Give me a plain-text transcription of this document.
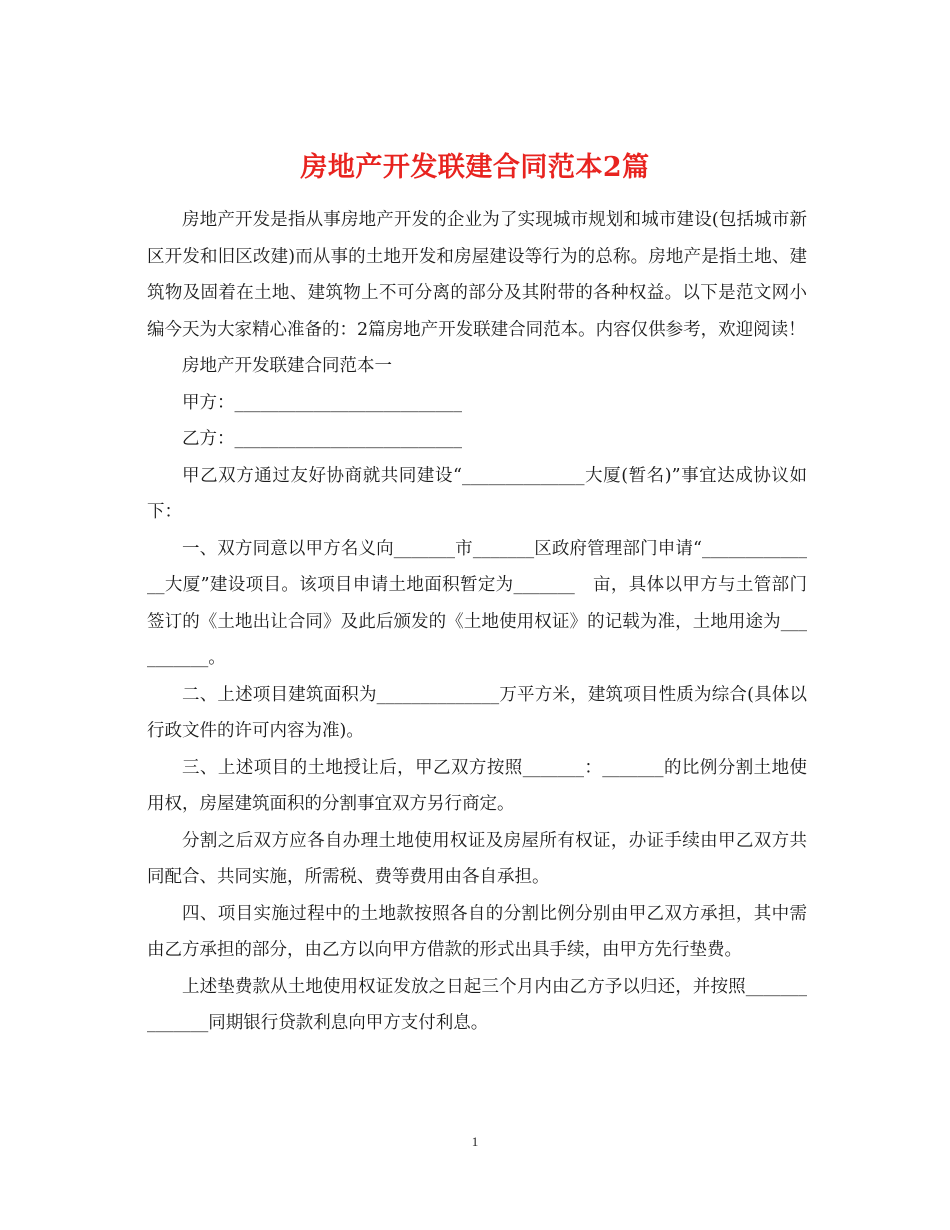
房地产开发联建合同范本2篇

房地产开发是指从事房地产开发的企业为了实现城市规划和城市建设(包括城市新区开发和旧区改建)而从事的土地开发和房屋建设等行为的总称。房地产是指土地、建筑物及固着在土地、建筑物上不可分离的部分及其附带的各种权益。以下是范文网小编今天为大家精心准备的：2篇房地产开发联建合同范本。内容仅供参考，欢迎阅读！

房地产开发联建合同范本一

甲方：__________________________

乙方：__________________________

甲乙双方通过友好协商就共同建设“______________大厦(暂名)”事宜达成协议如下：

一、双方同意以甲方名义向_______市_______区政府管理部门申请“______________大厦”建设项目。该项目申请土地面积暂定为_______　亩，具体以甲方与土管部门签订的《土地出让合同》及此后颁发的《土地使用权证》的记载为准，土地用途为__________。

二、上述项目建筑面积为______________万平方米，建筑项目性质为综合(具体以行政文件的许可内容为准)。

三、上述项目的土地授让后，甲乙双方按照_______：_______的比例分割土地使用权，房屋建筑面积的分割事宜双方另行商定。

分割之后双方应各自办理土地使用权证及房屋所有权证，办证手续由甲乙双方共同配合、共同实施，所需税、费等费用由各自承担。

四、项目实施过程中的土地款按照各自的分割比例分别由甲乙双方承担，其中需由乙方承担的部分，由乙方以向甲方借款的形式出具手续，由甲方先行垫费。

上述垫费款从土地使用权证发放之日起三个月内由乙方予以归还，并按照______________同期银行贷款利息向甲方支付利息。

1
